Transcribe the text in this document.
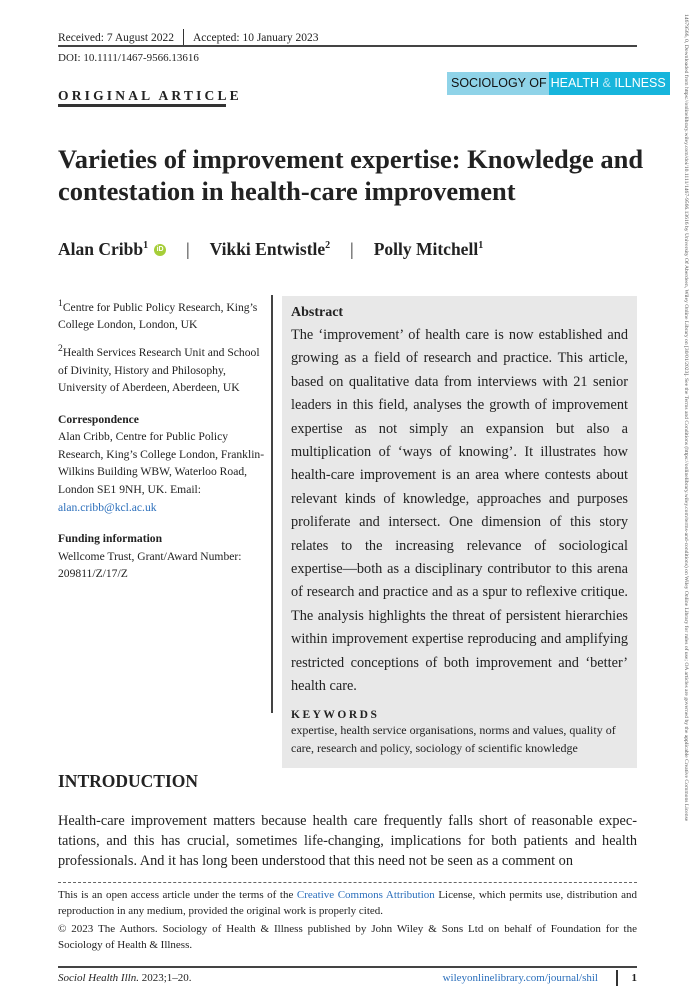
Received: 7 August 2022 Accepted: 10 January 2023
DOI: 10.1111/1467-9566.13616
SOCIOLOGY OF HEALTH & ILLNESS
ORIGINAL ARTICLE
Varieties of improvement expertise: Knowledge and contestation in health-care improvement
Alan Cribb$^1$	iD | Vikki Entwistle$^2$ | Polly Mitchell$^1$

$^1$Centre for Public Policy Research, King’s College London, London, UK

$^2$Health Services Research Unit and School of Divinity, History and Philosophy, University of Aberdeen, Aberdeen, UK

Correspondence

Alan Cribb, Centre for Public Policy Research, King’s College London, Franklin-Wilkins Building WBW, Waterloo Road, London SE1 9NH, UK. Email: alan.cribb@kcl.ac.uk

Funding information

Wellcome Trust, Grant/Award Number: 209811/Z/17/Z

Abstract

The ‘improvement’ of health care is now established and growing as a field of research and practice. This article, based on qualitative data from interviews with 21 senior leaders in this field, analyses the growth of improvement expertise as not simply an expansion but also a multiplication of ‘ways of knowing’. It illustrates how health-care improvement is an area where contests about relevant kinds of knowledge, approaches and purposes proliferate and intersect. One dimension of this story relates to the increasing relevance of sociological expertise—both as a disciplinary contributor to this arena of research and practice and as a spur to reflexive critique. The analysis highlights the threat of persistent hierarchies within improvement expertise reproducing and amplifying restricted conceptions of both improvement and ‘better’ health care.

KEYWORDS

expertise, health service organisations, norms and values, quality of care, research and policy, sociology of scientific knowledge

INTRODUCTION

Health-care improvement matters because health care frequently falls short of reasonable expectations, and this has crucial, sometimes life-changing, implications for both patients and health professionals. And it has long been understood that this need not be seen as a comment on

This is an open access article under the terms of the Creative Commons Attribution License, which permits use, distribution and reproduction in any medium, provided the original work is properly cited.

© 2023 The Authors. Sociology of Health & Illness published by John Wiley & Sons Ltd on behalf of Foundation for the Sociology of Health & Illness.

Sociol Health Illn. 2023;1–20.	wileyonlinelibrary.com/journal/shil	1
14679566, 0, Downloaded from https://onlinelibrary.wiley.com/doi/10.1111/1467-9566.13616 by University Of Aberdeen, Wiley Online Library on [30/01/2023]. See the Terms and Conditions (https://onlinelibrary.wiley.com/terms-and-conditions) on Wiley Online Library for rules of use; OA articles are governed by the applicable Creative Commons License
